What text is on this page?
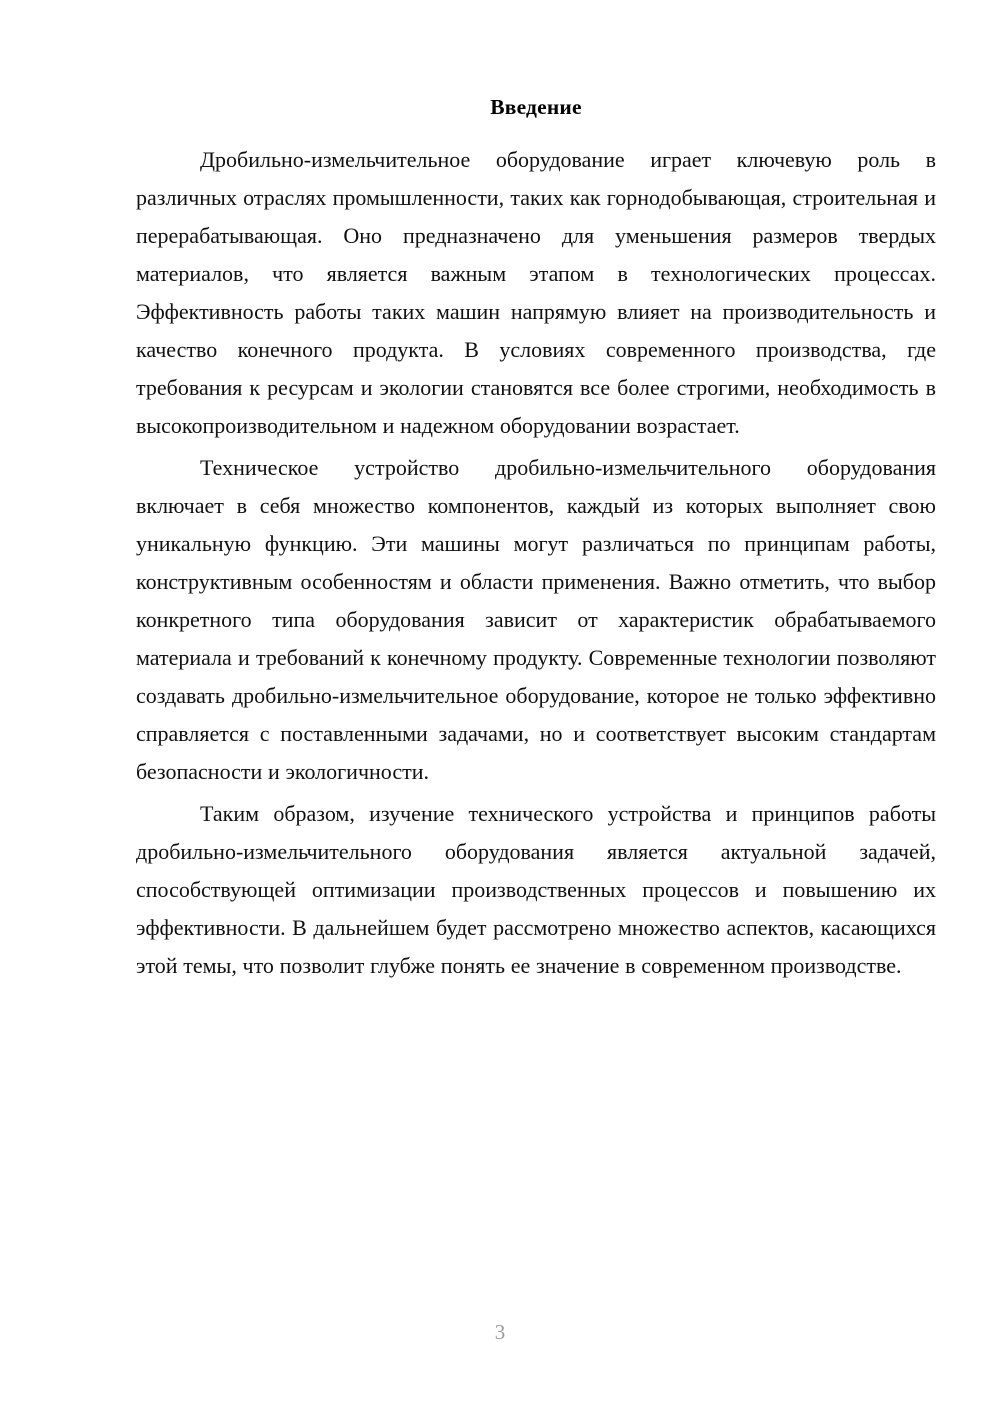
Введение

Дробильно-измельчительное оборудование играет ключевую роль в различных отраслях промышленности, таких как горнодобывающая, строительная и перерабатывающая. Оно предназначено для уменьшения размеров твердых материалов, что является важным этапом в технологических процессах. Эффективность работы таких машин напрямую влияет на производительность и качество конечного продукта. В условиях современного производства, где требования к ресурсам и экологии становятся все более строгими, необходимость в высокопроизводительном и надежном оборудовании возрастает.

Техническое устройство дробильно-измельчительного оборудования включает в себя множество компонентов, каждый из которых выполняет свою уникальную функцию. Эти машины могут различаться по принципам работы, конструктивным особенностям и области применения. Важно отметить, что выбор конкретного типа оборудования зависит от характеристик обрабатываемого материала и требований к конечному продукту. Современные технологии позволяют создавать дробильно-измельчительное оборудование, которое не только эффективно справляется с поставленными задачами, но и соответствует высоким стандартам безопасности и экологичности.

Таким образом, изучение технического устройства и принципов работы дробильно-измельчительного оборудования является актуальной задачей, способствующей оптимизации производственных процессов и повышению их эффективности. В дальнейшем будет рассмотрено множество аспектов, касающихся этой темы, что позволит глубже понять ее значение в современном производстве.

3
